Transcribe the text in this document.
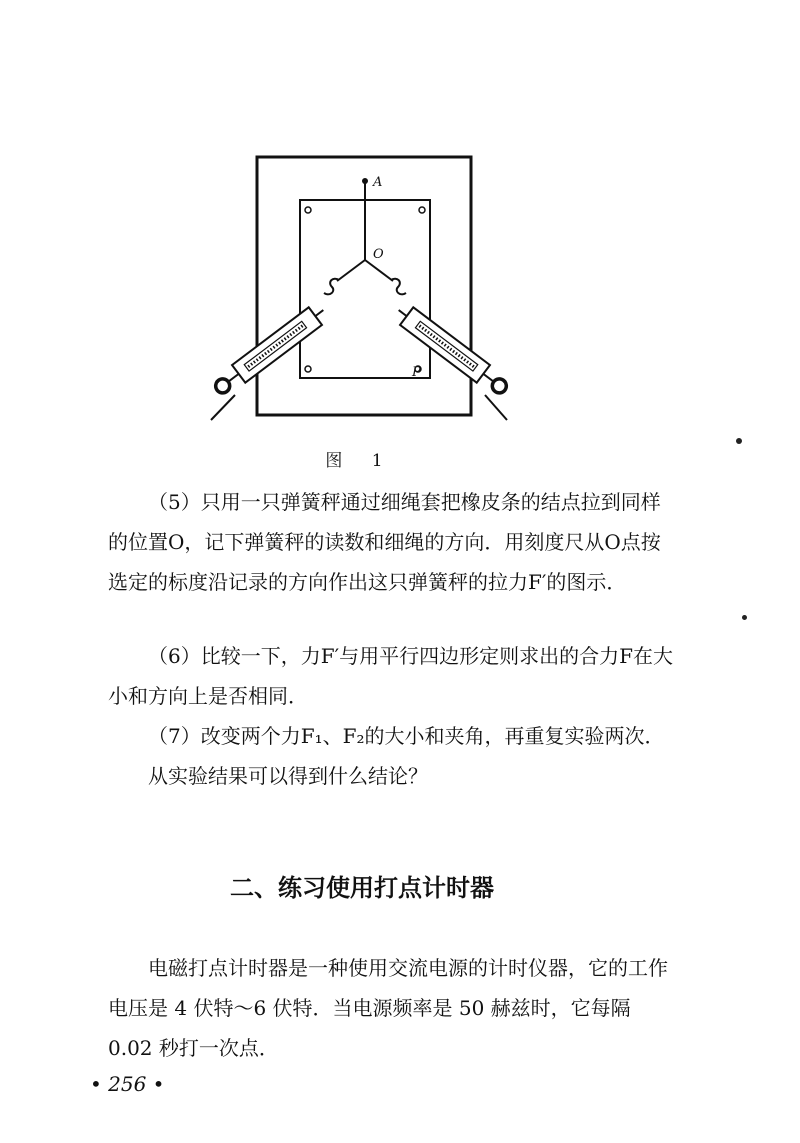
A
O
P
图 1

（5）只用一只弹簧秤通过细绳套把橡皮条的结点拉到同样的位置O，记下弹簧秤的读数和细绳的方向．用刻度尺从O点按选定的标度沿记录的方向作出这只弹簧秤的拉力F′的图示．

（6）比较一下，力F′与用平行四边形定则求出的合力F在大小和方向上是否相同．

（7）改变两个力F₁、F₂的大小和夹角，再重复实验两次．

从实验结果可以得到什么结论？

二、练习使用打点计时器

电磁打点计时器是一种使用交流电源的计时仪器，它的工作电压是 4 伏特～6 伏特．当电源频率是 50 赫兹时，它每隔 0.02 秒打一次点．

• 256 •
